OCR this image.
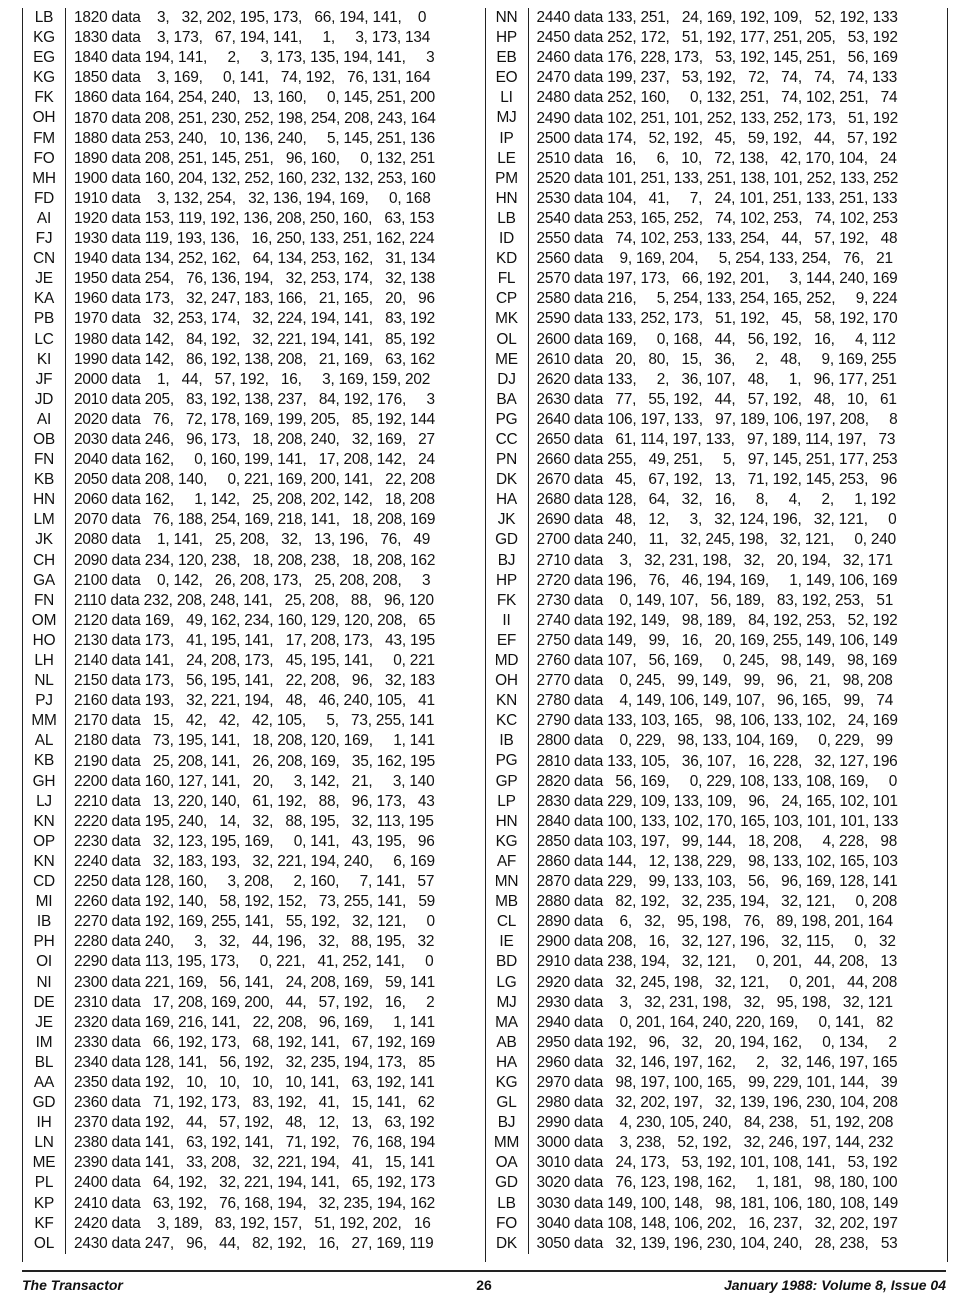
LB	1820 data    3,   32, 202, 195, 173,   66, 194, 141,    0
KG	1830 data    3, 173,   67, 194, 141,     1,     3, 173, 134
EG	1840 data 194, 141,     2,     3, 173, 135, 194, 141,     3
KG	1850 data    3, 169,     0, 141,   74, 192,   76, 131, 164
FK	1860 data 164, 254, 240,   13, 160,     0, 145, 251, 200
OH	1870 data 208, 251, 230, 252, 198, 254, 208, 243, 164
FM	1880 data 253, 240,   10, 136, 240,     5, 145, 251, 136
FO	1890 data 208, 251, 145, 251,   96, 160,     0, 132, 251
MH	1900 data 160, 204, 132, 252, 160, 232, 132, 253, 160
FD	1910 data    3, 132, 254,   32, 136, 194, 169,     0, 168
AI	1920 data 153, 119, 192, 136, 208, 250, 160,   63, 153
FJ	1930 data 119, 193, 136,   16, 250, 133, 251, 162, 224
CN	1940 data 134, 252, 162,   64, 134, 253, 162,   31, 134
JE	1950 data 254,   76, 136, 194,   32, 253, 174,   32, 138
KA	1960 data 173,   32, 247, 183, 166,   21, 165,   20,   96
PB	1970 data   32, 253, 174,   32, 224, 194, 141,   83, 192
LC	1980 data 142,   84, 192,   32, 221, 194, 141,   85, 192
KI	1990 data 142,   86, 192, 138, 208,   21, 169,   63, 162
JF	2000 data    1,   44,   57, 192,   16,     3, 169, 159, 202
JD	2010 data 205,   83, 192, 138, 237,   84, 192, 176,     3
AI	2020 data   76,   72, 178, 169, 199, 205,   85, 192, 144
OB	2030 data 246,   96, 173,   18, 208, 240,   32, 169,   27
FN	2040 data 162,     0, 160, 199, 141,   17, 208, 142,   24
KB	2050 data 208, 140,     0, 221, 169, 200, 141,   22, 208
HN	2060 data 162,     1, 142,   25, 208, 202, 142,   18, 208
LM	2070 data   76, 188, 254, 169, 218, 141,   18, 208, 169
JK	2080 data    1, 141,   25, 208,   32,   13, 196,   76,   49
CH	2090 data 234, 120, 238,   18, 208, 238,   18, 208, 162
GA	2100 data    0, 142,   26, 208, 173,   25, 208, 208,     3
FN	2110 data 232, 208, 248, 141,   25, 208,   88,   96, 120
OM	2120 data 169,   49, 162, 234, 160, 129, 120, 208,   65
HO	2130 data 173,   41, 195, 141,   17, 208, 173,   43, 195
LH	2140 data 141,   24, 208, 173,   45, 195, 141,     0, 221
NL	2150 data 173,   56, 195, 141,   22, 208,   96,   32, 183
PJ	2160 data 193,   32, 221, 194,   48,   46, 240, 105,   41
MM	2170 data   15,   42,   42,   42, 105,     5,   73, 255, 141
AL	2180 data   73, 195, 141,   18, 208, 120, 169,     1, 141
KB	2190 data   25, 208, 141,   26, 208, 169,   35, 162, 195
GH	2200 data 160, 127, 141,   20,     3, 142,   21,     3, 140
LJ	2210 data   13, 220, 140,   61, 192,   88,   96, 173,   43
KN	2220 data 195, 240,   14,   32,   88, 195,   32, 113, 195
OP	2230 data   32, 123, 195, 169,     0, 141,   43, 195,   96
KN	2240 data   32, 183, 193,   32, 221, 194, 240,     6, 169
CD	2250 data 128, 160,     3, 208,     2, 160,     7, 141,   57
MI	2260 data 192, 140,   58, 192, 152,   73, 255, 141,   59
IB	2270 data 192, 169, 255, 141,   55, 192,   32, 121,     0
PH	2280 data 240,     3,   32,   44, 196,   32,   88, 195,   32
OI	2290 data 113, 195, 173,     0, 221,   41, 252, 141,     0
NI	2300 data 221, 169,   56, 141,   24, 208, 169,   59, 141
DE	2310 data   17, 208, 169, 200,   44,   57, 192,   16,     2
JE	2320 data 169, 216, 141,   22, 208,   96, 169,     1, 141
IM	2330 data   66, 192, 173,   68, 192, 141,   67, 192, 169
BL	2340 data 128, 141,   56, 192,   32, 235, 194, 173,   85
AA	2350 data 192,   10,   10,   10,   10, 141,   63, 192, 141
GD	2360 data   71, 192, 173,   83, 192,   41,   15, 141,   62
IH	2370 data 192,   44,   57, 192,   48,   12,   13,   63, 192
LN	2380 data 141,   63, 192, 141,   71, 192,   76, 168, 194
ME	2390 data 141,   33, 208,   32, 221, 194,   41,   15, 141
PL	2400 data   64, 192,   32, 221, 194, 141,   65, 192, 173
KP	2410 data   63, 192,   76, 168, 194,   32, 235, 194, 162
KF	2420 data    3, 189,   83, 192, 157,   51, 192, 202,   16
OL	2430 data 247,   96,   44,   82, 192,   16,   27, 169, 119
NN	2440 data 133, 251,   24, 169, 192, 109,   52, 192, 133
HP	2450 data 252, 172,   51, 192, 177, 251, 205,   53, 192
EB	2460 data 176, 228, 173,   53, 192, 145, 251,   56, 169
EO	2470 data 199, 237,   53, 192,   72,   74,   74,   74, 133
LI	2480 data 252, 160,     0, 132, 251,   74, 102, 251,   74
MJ	2490 data 102, 251, 101, 252, 133, 252, 173,   51, 192
IP	2500 data 174,   52, 192,   45,   59, 192,   44,   57, 192
LE	2510 data   16,     6,   10,   72, 138,   42, 170, 104,   24
PM	2520 data 101, 251, 133, 251, 138, 101, 252, 133, 252
HN	2530 data 104,   41,     7,   24, 101, 251, 133, 251, 133
LB	2540 data 253, 165, 252,   74, 102, 253,   74, 102, 253
ID	2550 data   74, 102, 253, 133, 254,   44,   57, 192,   48
KD	2560 data    9, 169, 204,     5, 254, 133, 254,   76,   21
FL	2570 data 197, 173,   66, 192, 201,     3, 144, 240, 169
CP	2580 data 216,     5, 254, 133, 254, 165, 252,     9, 224
MK	2590 data 133, 252, 173,   51, 192,   45,   58, 192, 170
OL	2600 data 169,     0, 168,   44,   56, 192,   16,     4, 112
ME	2610 data   20,   80,   15,   36,     2,   48,     9, 169, 255
DJ	2620 data 133,     2,   36, 107,   48,     1,   96, 177, 251
BA	2630 data   77,   55, 192,   44,   57, 192,   48,   10,   61
PG	2640 data 106, 197, 133,   97, 189, 106, 197, 208,     8
CC	2650 data   61, 114, 197, 133,   97, 189, 114, 197,   73
PN	2660 data 255,   49, 251,     5,   97, 145, 251, 177, 253
DK	2670 data   45,   67, 192,   13,   71, 192, 145, 253,   96
HA	2680 data 128,   64,   32,   16,     8,     4,     2,     1, 192
JK	2690 data   48,   12,     3,   32, 124, 196,   32, 121,     0
GD	2700 data 240,   11,   32, 245, 198,   32, 121,     0, 240
BJ	2710 data    3,   32, 231, 198,   32,   20, 194,   32, 171
HP	2720 data 196,   76,   46, 194, 169,     1, 149, 106, 169
FK	2730 data    0, 149, 107,   56, 189,   83, 192, 253,   51
II	2740 data 192, 149,   98, 189,   84, 192, 253,   52, 192
EF	2750 data 149,   99,   16,   20, 169, 255, 149, 106, 149
MD	2760 data 107,   56, 169,     0, 245,   98, 149,   98, 169
OH	2770 data    0, 245,   99, 149,   99,   96,   21,   98, 208
KN	2780 data    4, 149, 106, 149, 107,   96, 165,   99,   74
KC	2790 data 133, 103, 165,   98, 106, 133, 102,   24, 169
IB	2800 data    0, 229,   98, 133, 104, 169,     0, 229,   99
PG	2810 data 133, 105,   36, 107,   16, 228,   32, 127, 196
GP	2820 data   56, 169,     0, 229, 108, 133, 108, 169,     0
LP	2830 data 229, 109, 133, 109,   96,   24, 165, 102, 101
HN	2840 data 100, 133, 102, 170, 165, 103, 101, 101, 133
KG	2850 data 103, 197,   99, 144,   18, 208,     4, 228,   98
AF	2860 data 144,   12, 138, 229,   98, 133, 102, 165, 103
MN	2870 data 229,   99, 133, 103,   56,   96, 169, 128, 141
MB	2880 data   82, 192,   32, 235, 194,   32, 121,     0, 208
CL	2890 data    6,   32,   95, 198,   76,   89, 198, 201, 164
IE	2900 data 208,   16,   32, 127, 196,   32, 115,     0,   32
BD	2910 data 238, 194,   32, 121,     0, 201,   44, 208,   13
LG	2920 data   32, 245, 198,   32, 121,     0, 201,   44, 208
MJ	2930 data    3,   32, 231, 198,   32,   95, 198,   32, 121
MA	2940 data    0, 201, 164, 240, 220, 169,     0, 141,   82
AB	2950 data 192,   96,   32,   20, 194, 162,     0, 134,     2
HA	2960 data   32, 146, 197, 162,     2,   32, 146, 197, 165
KG	2970 data   98, 197, 100, 165,   99, 229, 101, 144,   39
GL	2980 data   32, 202, 197,   32, 139, 196, 230, 104, 208
BJ	2990 data    4, 230, 105, 240,   84, 238,   51, 192, 208
MM	3000 data    3, 238,   52, 192,   32, 246, 197, 144, 232
OA	3010 data   24, 173,   53, 192, 101, 108, 141,   53, 192
GD	3020 data   76, 123, 198, 162,     1, 181,   98, 180, 100
LB	3030 data 149, 100, 148,   98, 181, 106, 180, 108, 149
FO	3040 data 108, 148, 106, 202,   16, 237,   32, 202, 197
DK	3050 data   32, 139, 196, 230, 104, 240,   28, 238,   53
The Transactor	26	January 1988: Volume 8, Issue 04
